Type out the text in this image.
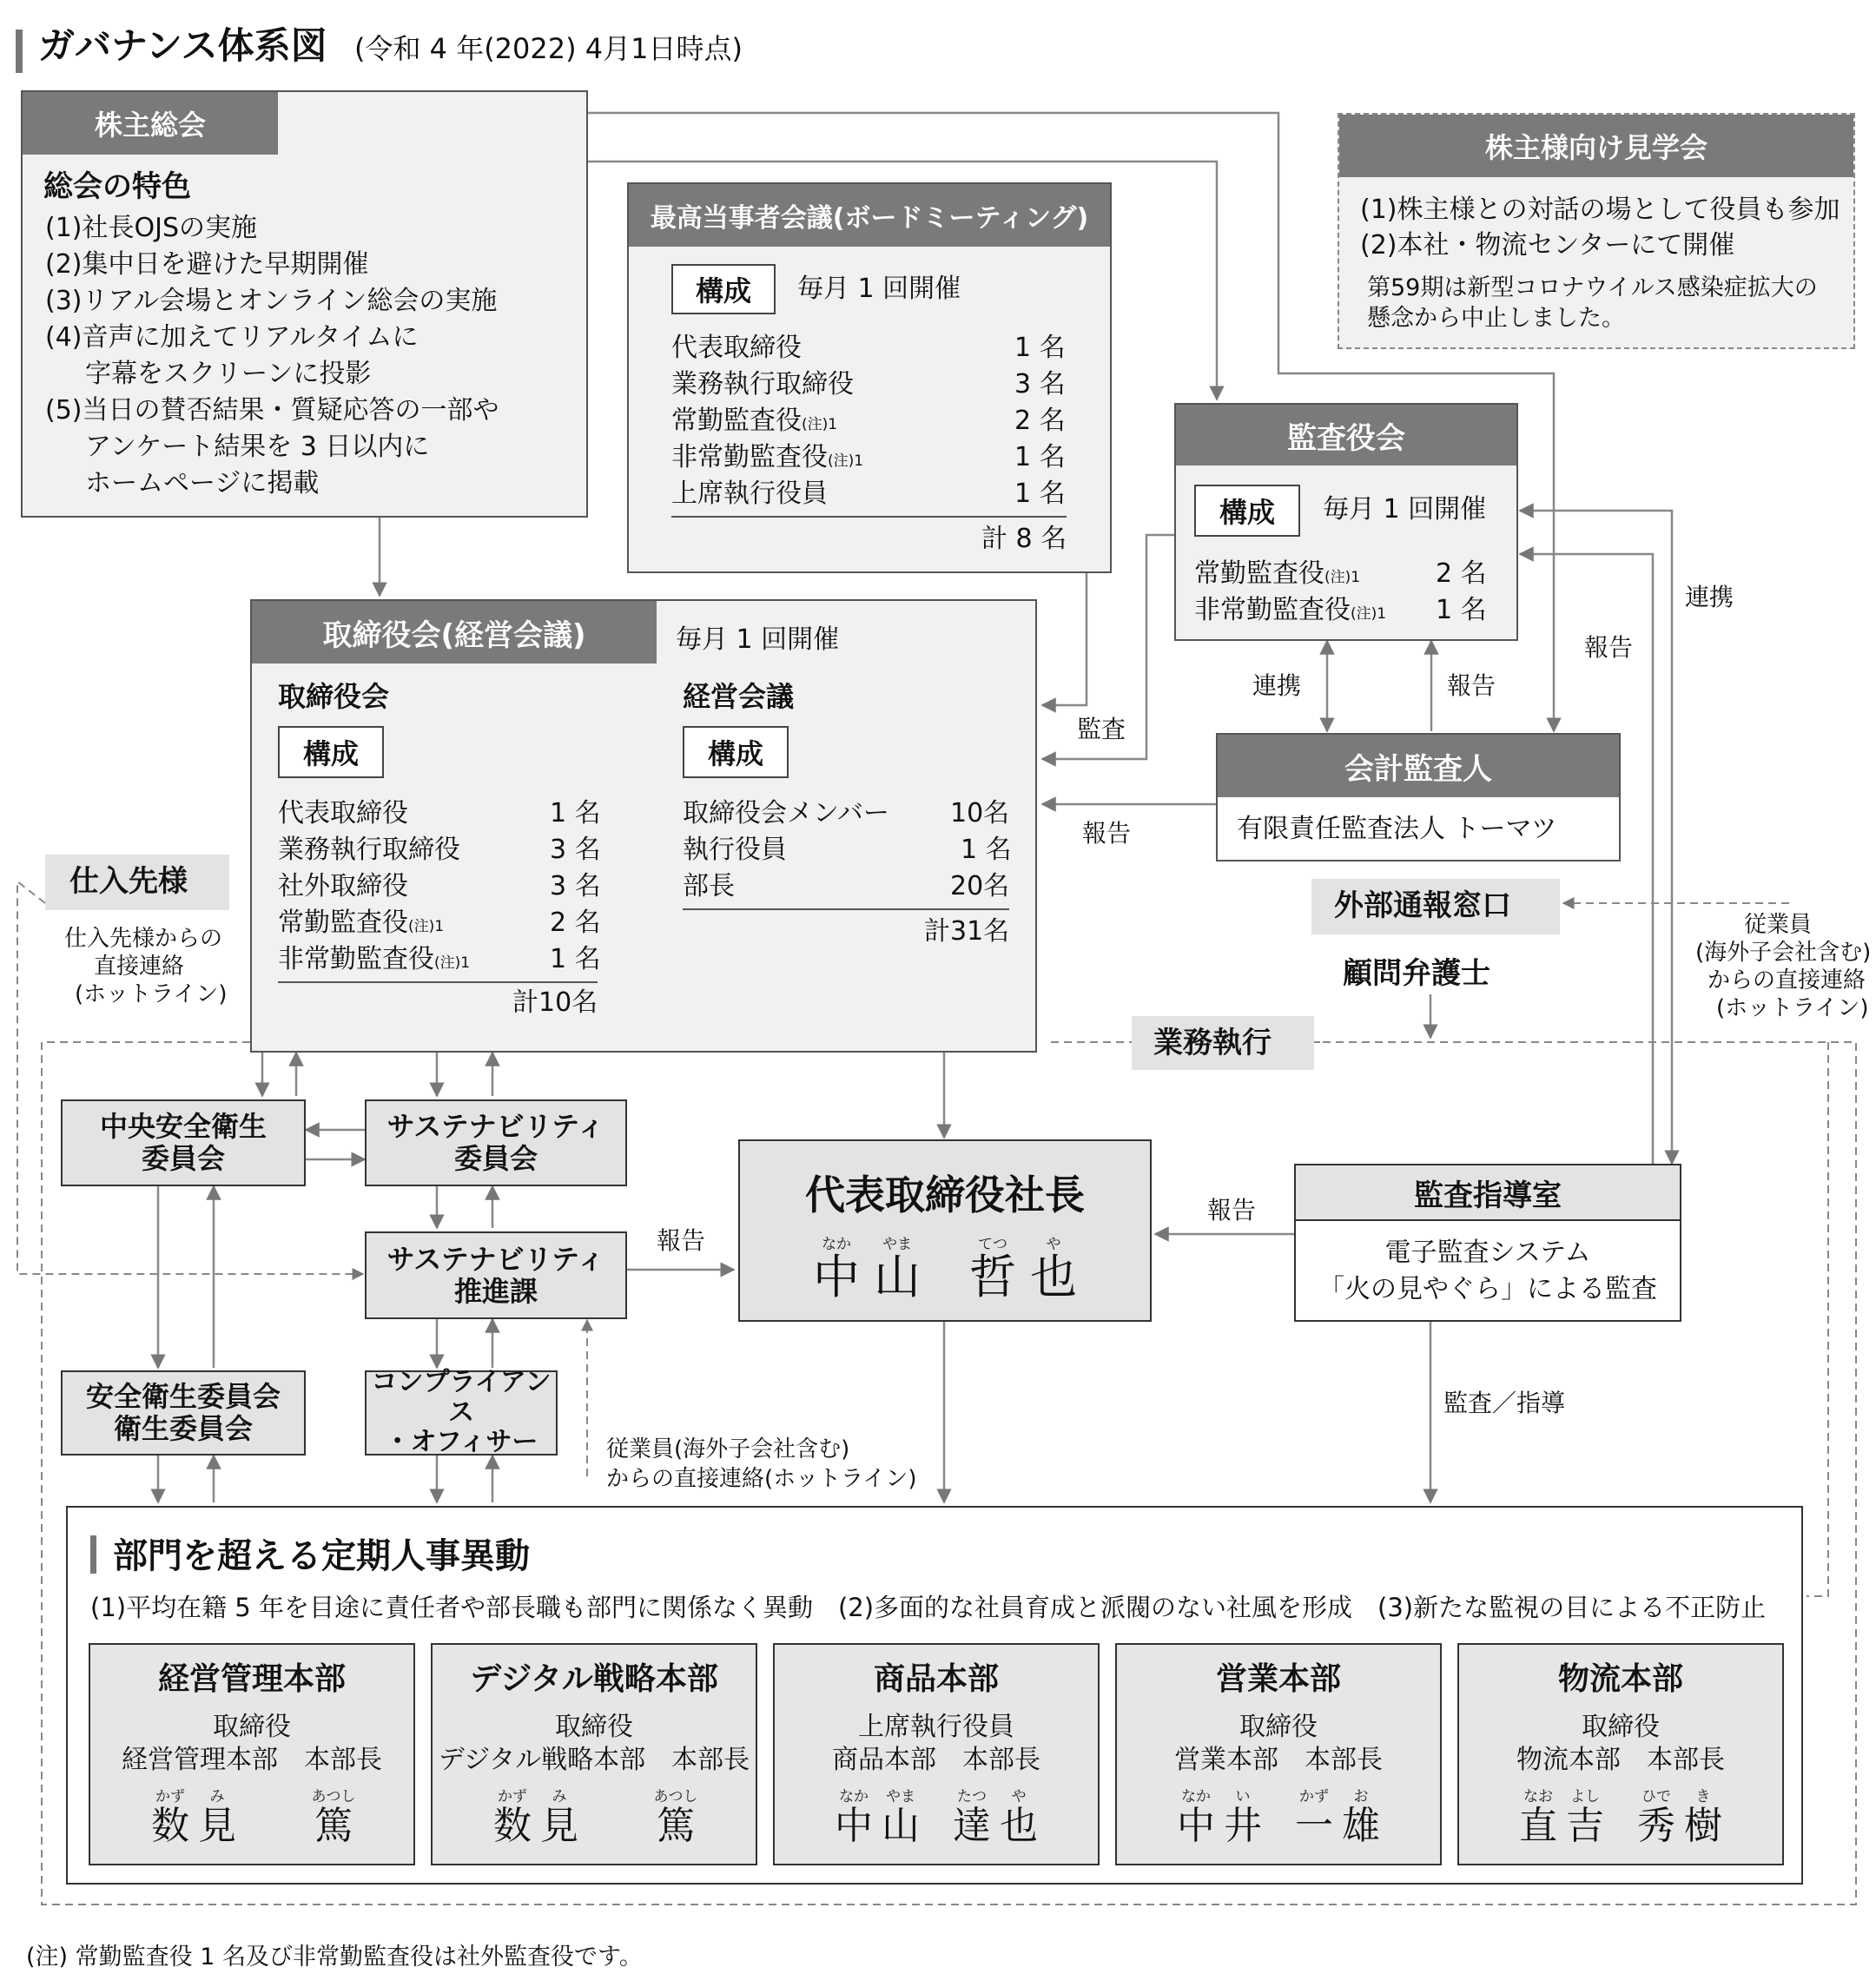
ガバナンス体系図 (令和 4 年(2022) 4月1日時点)
株主総会
総会の特色
(1)社長OJSの実施
(2)集中日を避けた早期開催
(3)リアル会場とオンライン総会の実施
(4)音声に加えてリアルタイムに
字幕をスクリーンに投影
(5)当日の賛否結果・質疑応答の一部や
アンケート結果を 3 日以内に
ホームページに掲載
最高当事者会議(ボードミーティング)
構成	毎月 1 回開催
代表取締役	1 名
業務執行取締役	3 名
常勤監査役(注)1	2 名
非常勤監査役(注)1	1 名
上席執行役員	1 名
計 8 名
株主様向け見学会
(1)株主様との対話の場として役員も参加
(2)本社・物流センターにて開催
第59期は新型コロナウイルス感染症拡大の
懸念から中止しました。
監査役会
構成	毎月 1 回開催
常勤監査役(注)1	2 名
非常勤監査役(注)1 1 名
取締役会(経営会議)	毎月 1 回開催
取締役会
構成
代表取締役	1 名
業務執行取締役	3 名
社外取締役	3 名
常勤監査役(注)1	2 名
非常勤監査役(注)1	1 名
計10名
経営会議
構成
取締役会メンバー 10名
執行役員	1 名
部長	20名
計31名
会計監査人
有限責任監査法人 トーマツ
外部通報窓口
顧問弁護士
業務執行
仕入先様
仕入先様からの
直接連絡
(ホットライン)
従業員
(海外子会社含む)
からの直接連絡
(ホットライン)
中央安全衛生
委員会
サステナビリティ
委員会
サステナビリティ
推進課
安全衛生委員会
衛生委員会
コンプライアンス
・オフィサー
代表取締役社長
なか
中
やま
山
てつ
哲
や
也
監査指導室
電子監査システム
「火の見やぐら」による監査
監査
報告
連携	報告
報告
連携
報告
報告
監査／指導
従業員(海外子会社含む)
からの直接連絡(ホットライン)
部門を超える定期人事異動
(1)平均在籍 5 年を目途に責任者や部長職も部門に関係なく異動　(2)多面的な社員育成と派閥のない社風を形成　(3)新たな監視の目による不正防止
経営管理本部
取締役
経営管理本部　本部長
かず
数
み
見
あつし
篤
デジタル戦略本部
取締役
デジタル戦略本部　本部長
かず
数
み
見
あつし
篤
商品本部
上席執行役員
商品本部　本部長
なか
中
やま
山
たつ
達
や
也
営業本部
取締役
営業本部　本部長
なか
中
い
井
かず
一
お
雄
物流本部
取締役
物流本部　本部長
なお
直
よし
吉
ひで
秀
き
樹
(注) 常勤監査役 1 名及び非常勤監査役は社外監査役です。
